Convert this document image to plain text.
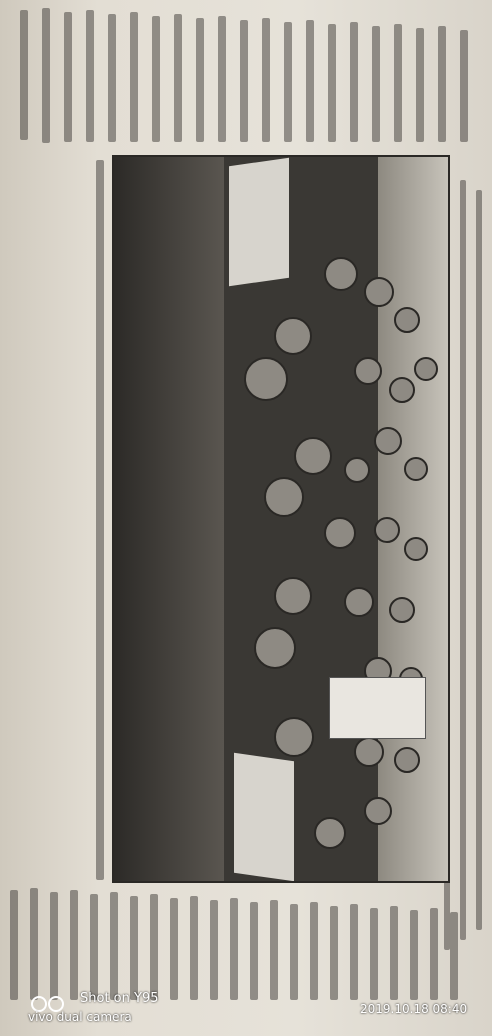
Shot on Y95
vivo dual camera
2019.10.18 08:40
